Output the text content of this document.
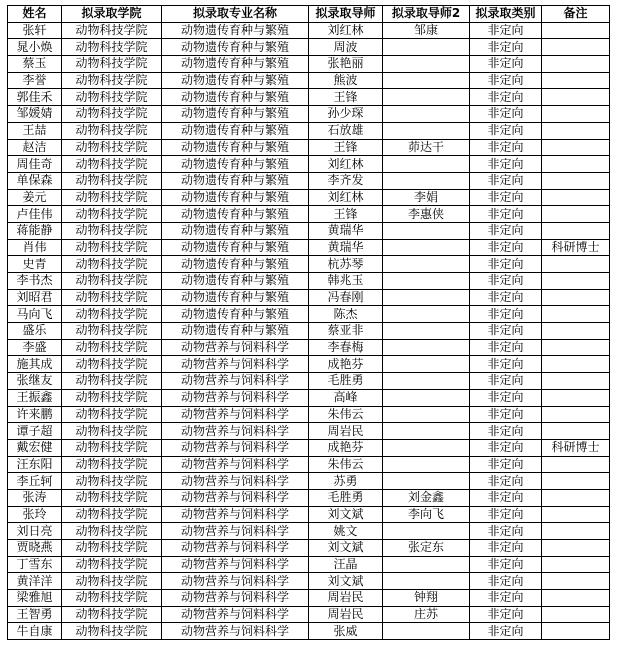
姓名	拟录取学院	拟录取专业名称	拟录取导师	拟录取导师2	拟录取类别	备注
张轩	动物科技学院	动物遗传育种与繁殖	刘红林	邹康	非定向	
晁小焕	动物科技学院	动物遗传育种与繁殖	周波		非定向	
蔡玉	动物科技学院	动物遗传育种与繁殖	张艳丽		非定向	
李誉	动物科技学院	动物遗传育种与繁殖	熊波		非定向	
郭佳禾	动物科技学院	动物遗传育种与繁殖	王锋		非定向	
邹媛婧	动物科技学院	动物遗传育种与繁殖	孙少琛		非定向	
王喆	动物科技学院	动物遗传育种与繁殖	石放雄		非定向	
赵洁	动物科技学院	动物遗传育种与繁殖	王锋	茆达干	非定向	
周佳奇	动物科技学院	动物遗传育种与繁殖	刘红林		非定向	
单保森	动物科技学院	动物遗传育种与繁殖	李齐发		非定向	
姜元	动物科技学院	动物遗传育种与繁殖	刘红林	李娟	非定向	
卢佳伟	动物科技学院	动物遗传育种与繁殖	王锋	李惠侠	非定向	
蒋能静	动物科技学院	动物遗传育种与繁殖	黄瑞华		非定向	
肖伟	动物科技学院	动物遗传育种与繁殖	黄瑞华		非定向	科研博士
史青	动物科技学院	动物遗传育种与繁殖	杭苏琴		非定向	
李书杰	动物科技学院	动物遗传育种与繁殖	韩兆玉		非定向	
刘昭君	动物科技学院	动物遗传育种与繁殖	冯春刚		非定向	
马向飞	动物科技学院	动物遗传育种与繁殖	陈杰		非定向	
盛乐	动物科技学院	动物遗传育种与繁殖	蔡亚非		非定向	
李盛	动物科技学院	动物营养与饲料科学	李春梅		非定向	
施其成	动物科技学院	动物营养与饲料科学	成艳芬		非定向	
张继友	动物科技学院	动物营养与饲料科学	毛胜勇		非定向	
王振鑫	动物科技学院	动物营养与饲料科学	高峰		非定向	
许来鹏	动物科技学院	动物营养与饲料科学	朱伟云		非定向	
谭子超	动物科技学院	动物营养与饲料科学	周岩民		非定向	
戴宏健	动物科技学院	动物营养与饲料科学	成艳芬		非定向	科研博士
汪东阳	动物科技学院	动物营养与饲料科学	朱伟云		非定向	
李丘轲	动物科技学院	动物营养与饲料科学	苏勇		非定向	
张涛	动物科技学院	动物营养与饲料科学	毛胜勇	刘金鑫	非定向	
张玲	动物科技学院	动物营养与饲料科学	刘文斌	李向飞	非定向	
刘日亮	动物科技学院	动物营养与饲料科学	姚文		非定向	
贾晓燕	动物科技学院	动物营养与饲料科学	刘文斌	张定东	非定向	
丁雪东	动物科技学院	动物营养与饲料科学	汪晶		非定向	
黄洋洋	动物科技学院	动物营养与饲料科学	刘文斌		非定向	
梁雅旭	动物科技学院	动物营养与饲料科学	周岩民	钟翔	非定向	
王智勇	动物科技学院	动物营养与饲料科学	周岩民	庄苏	非定向	
牛自康	动物科技学院	动物营养与饲料科学	张威		非定向	
